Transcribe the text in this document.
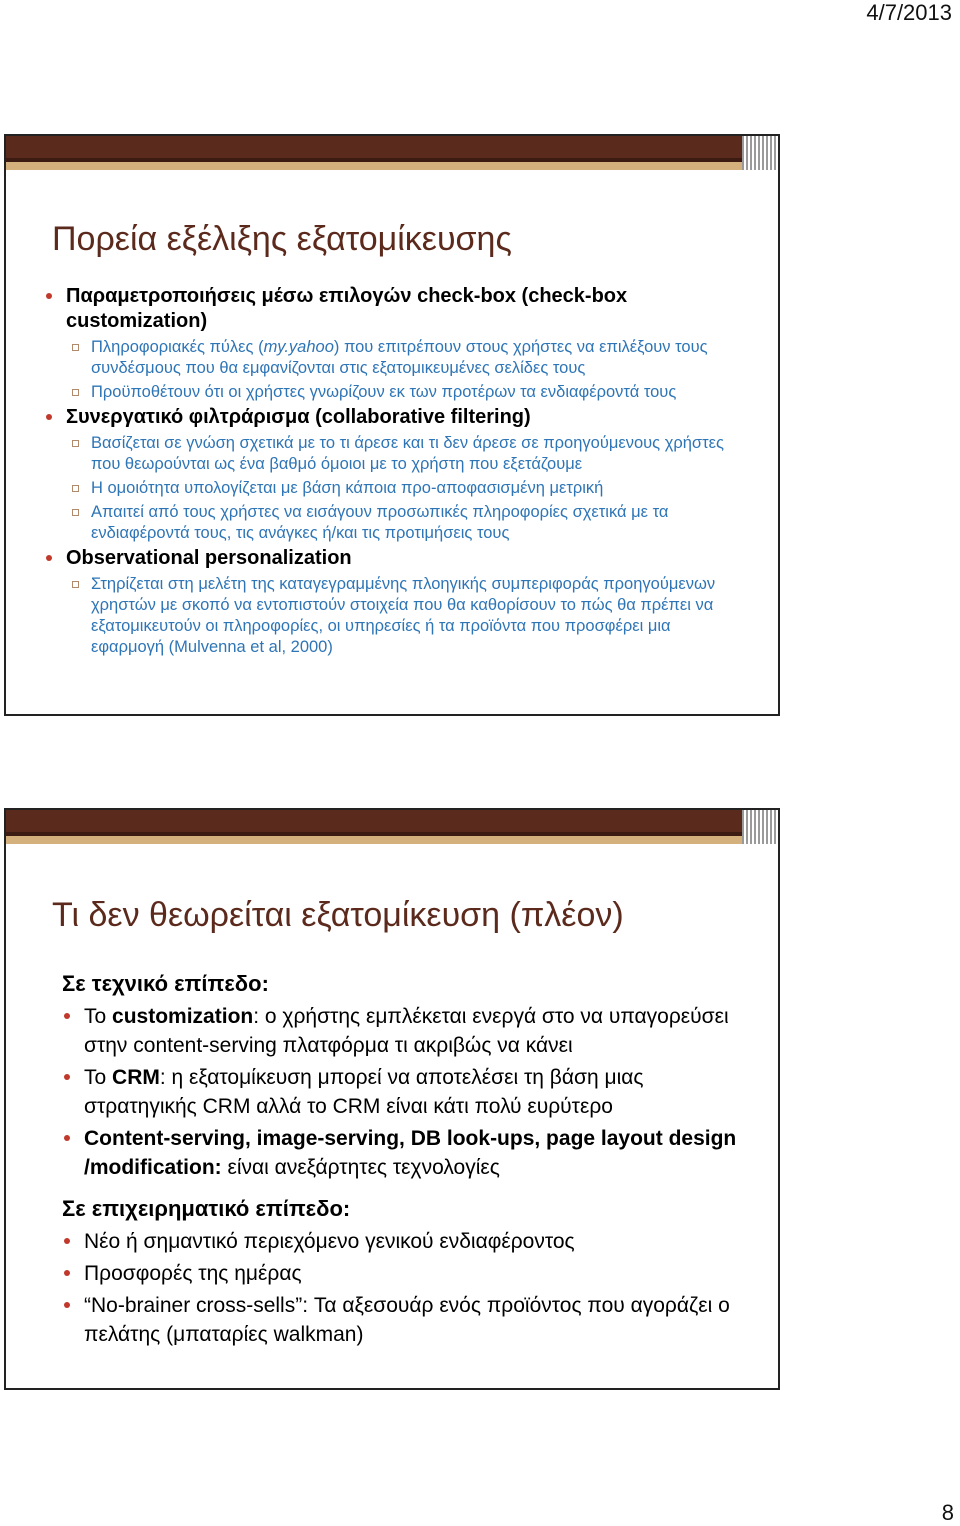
4/7/2013
Πορεία εξέλιξης εξατομίκευσης
Παραμετροποιήσεις μέσω επιλογών check-box (check-box customization)
Πληροφοριακές πύλες (my.yahoo) που επιτρέπουν στους χρήστες να επιλέξουν τους συνδέσμους που θα εμφανίζονται στις εξατομικευμένες σελίδες τους
Προϋποθέτουν ότι οι χρήστες γνωρίζουν εκ των προτέρων τα ενδιαφέροντά τους
Συνεργατικό φιλτράρισμα (collaborative filtering)
Βασίζεται σε γνώση σχετικά με το τι άρεσε και τι δεν άρεσε σε προηγούμενους χρήστες που θεωρούνται ως ένα βαθμό όμοιοι με το χρήστη που εξετάζουμε
Η ομοιότητα υπολογίζεται με βάση κάποια προ-αποφασισμένη μετρική
Απαιτεί από τους χρήστες να εισάγουν προσωπικές πληροφορίες σχετικά με τα ενδιαφέροντά τους, τις ανάγκες ή/και τις προτιμήσεις τους
Observational personalization
Στηρίζεται στη μελέτη της καταγεγραμμένης πλοηγικής συμπεριφοράς προηγούμενων χρηστών με σκοπό να εντοπιστούν στοιχεία που θα καθορίσουν το πώς θα πρέπει να εξατομικευτούν οι πληροφορίες, οι υπηρεσίες ή τα προϊόντα που προσφέρει μια εφαρμογή (Mulvenna et al, 2000)
Τι δεν θεωρείται εξατομίκευση (πλέον)
Σε τεχνικό επίπεδο:
Το customization: ο χρήστης εμπλέκεται ενεργά στο να υπαγορεύσει στην content-serving πλατφόρμα τι ακριβώς να κάνει
Το CRM: η εξατομίκευση μπορεί να αποτελέσει τη βάση μιας στρατηγικής CRM αλλά το CRM είναι κάτι πολύ ευρύτερο
Content-serving, image-serving, DB look-ups, page layout design /modification: είναι ανεξάρτητες τεχνολογίες
Σε επιχειρηματικό επίπεδο:
Νέο ή σημαντικό περιεχόμενο γενικού ενδιαφέροντος
Προσφορές της ημέρας
“No-brainer cross-sells”: Τα αξεσουάρ ενός προϊόντος που αγοράζει ο πελάτης (μπαταρίες walkman)
8
